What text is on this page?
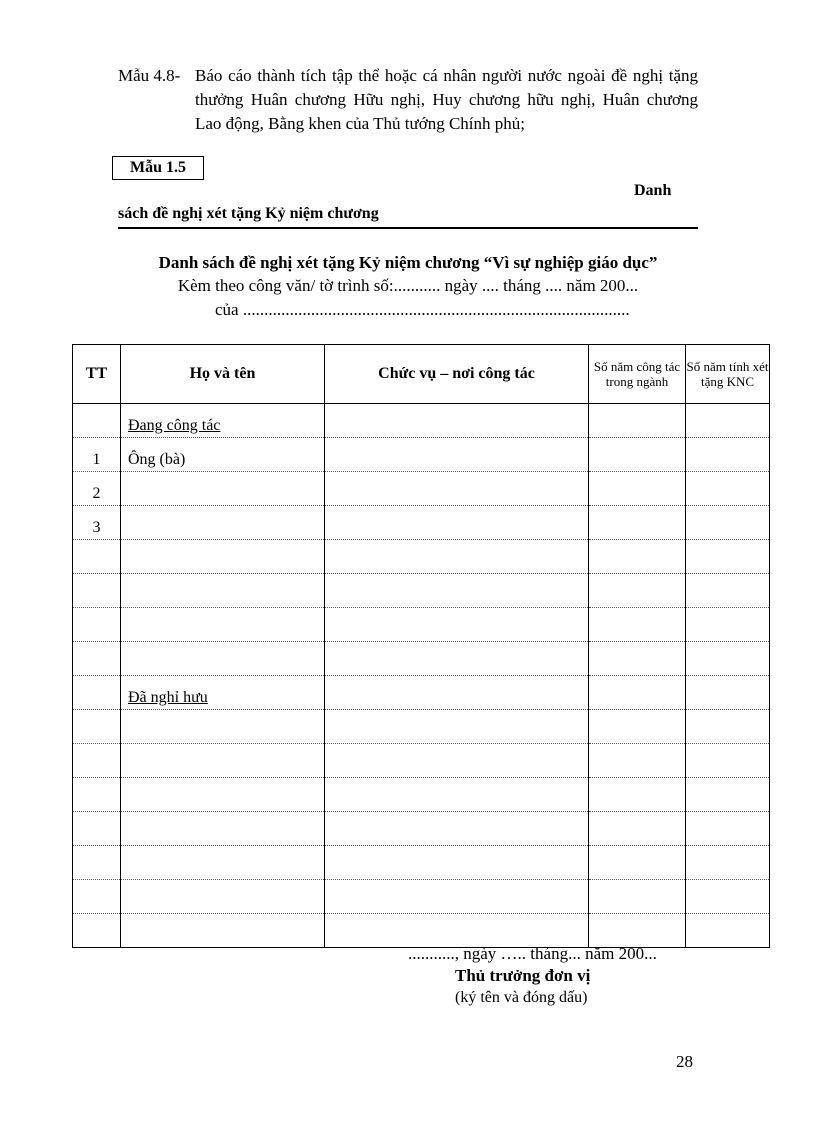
Mẫu 4.8- Báo cáo thành tích tập thể hoặc cá nhân người nước ngoài đề nghị tặng thưởng Huân chương Hữu nghị, Huy chương hữu nghị, Huân chương Lao động, Bằng khen của Thủ tướng Chính phủ;
Mẫu 1.5
Danh
sách đề nghị xét tặng Kỷ niệm chương
Danh sách đề nghị xét tặng Kỷ niệm chương “Vì sự nghiệp giáo dục”
Kèm theo công văn/ tờ trình số:........... ngày .... tháng .... năm 200...
của ...........................................................................................
TT	Họ và tên	Chức vụ – nơi công tác	Số năm công tác trong ngành	Số năm tính xét tặng KNC
	Đang công tác			
1	Ông (bà)			
2				
3				

	Đã nghỉ hưu			

..........., ngày ….. tháng... năm 200...
Thủ trưởng đơn vị
(ký tên và đóng dấu)
28
